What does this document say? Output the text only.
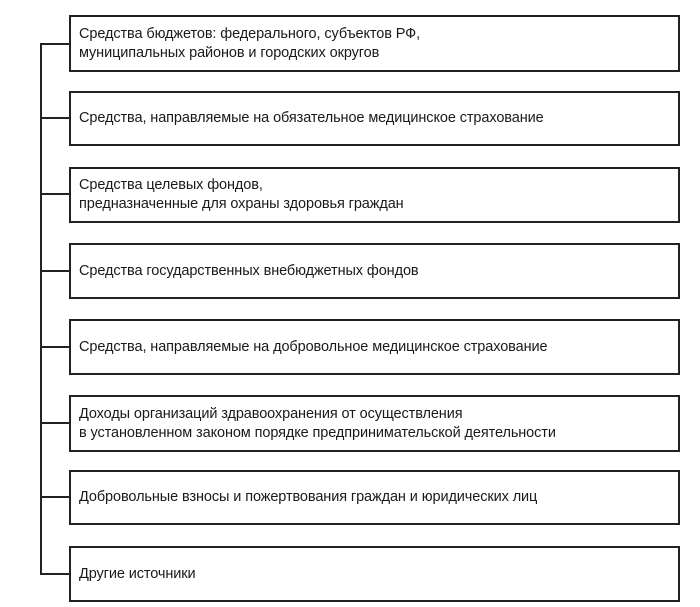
Средства бюджетов: федерального, субъектов РФ,
муниципальных районов и городских округов
Средства, направляемые на обязательное медицинское страхование
Средства целевых фондов,
предназначенные для охраны здоровья граждан
Средства государственных внебюджетных фондов
Средства, направляемые на добровольное медицинское страхование
Доходы организаций здравоохранения от осуществления
в установленном законом порядке предпринимательской деятельности
Добровольные взносы и пожертвования граждан и юридических лиц
Другие источники
